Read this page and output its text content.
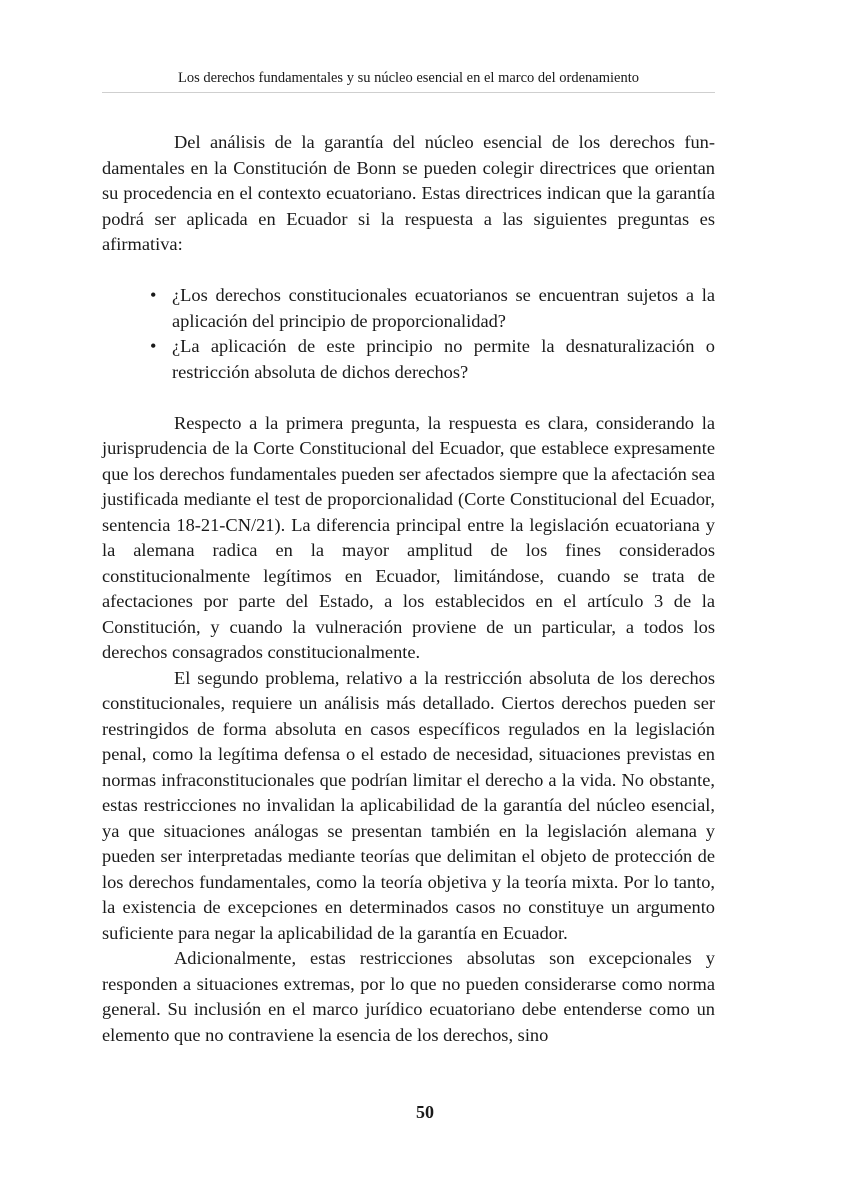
Los derechos fundamentales y su núcleo esencial en el marco del ordenamiento

Del análisis de la garantía del núcleo esencial de los derechos fundamentales en la Constitución de Bonn se pueden colegir directrices que orientan su procedencia en el contexto ecuatoriano. Estas directrices indican que la garantía podrá ser aplicada en Ecuador si la respuesta a las siguientes preguntas es afirmativa:

• ¿Los derechos constitucionales ecuatorianos se encuentran sujetos a la aplicación del principio de proporcionalidad?
• ¿La aplicación de este principio no permite la desnaturalización o restricción absoluta de dichos derechos?

Respecto a la primera pregunta, la respuesta es clara, considerando la jurisprudencia de la Corte Constitucional del Ecuador, que establece expresamente que los derechos fundamentales pueden ser afectados siempre que la afectación sea justificada mediante el test de proporcionalidad (Corte Constitucional del Ecuador, sentencia 18-21-CN/21). La diferencia principal entre la legislación ecuatoriana y la alemana radica en la mayor amplitud de los fines considerados constitucionalmente legítimos en Ecuador, limitándose, cuando se trata de afectaciones por parte del Estado, a los establecidos en el artículo 3 de la Constitución, y cuando la vulneración proviene de un particular, a todos los derechos consagrados constitucionalmente.

El segundo problema, relativo a la restricción absoluta de los derechos constitucionales, requiere un análisis más detallado. Ciertos derechos pueden ser restringidos de forma absoluta en casos específicos regulados en la legislación penal, como la legítima defensa o el estado de necesidad, situaciones previstas en normas infraconstitucionales que podrían limitar el derecho a la vida. No obstante, estas restricciones no invalidan la aplicabilidad de la garantía del núcleo esencial, ya que situaciones análogas se presentan también en la legislación alemana y pueden ser interpretadas mediante teorías que delimitan el objeto de protección de los derechos fundamentales, como la teoría objetiva y la teoría mixta. Por lo tanto, la existencia de excepciones en determinados casos no constituye un argumento suficiente para negar la aplicabilidad de la garantía en Ecuador.

Adicionalmente, estas restricciones absolutas son excepcionales y responden a situaciones extremas, por lo que no pueden considerarse como norma general. Su inclusión en el marco jurídico ecuatoriano debe entenderse como un elemento que no contraviene la esencia de los derechos, sino

50
